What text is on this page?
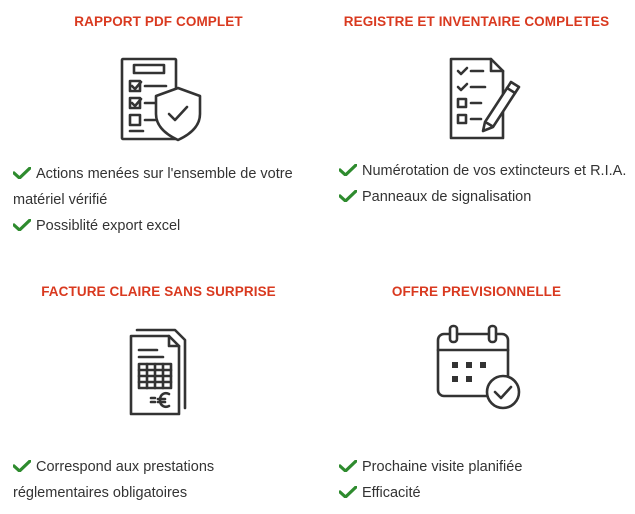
RAPPORT PDF COMPLET
Actions menées sur l'ensemble de votre matériel vérifié
Possiblité export excel
REGISTRE ET INVENTAIRE COMPLETES
Numérotation de vos extincteurs et R.I.A.
Panneaux de signalisation
FACTURE CLAIRE SANS SURPRISE
Correspond aux prestations réglementaires obligatoires
OFFRE PREVISIONNELLE
Prochaine visite planifiée
Efficacité
